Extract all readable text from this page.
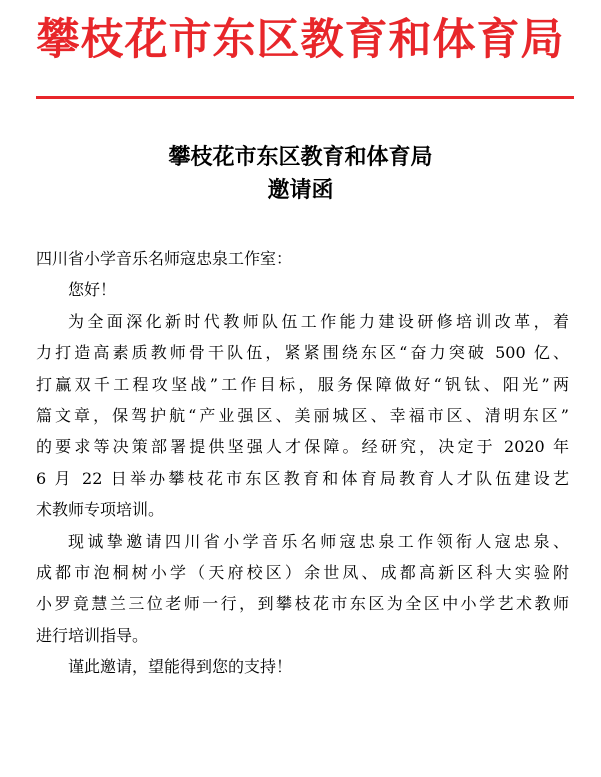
攀枝花市东区教育和体育局
攀枝花市东区教育和体育局
邀请函
四川省小学音乐名师寇忠泉工作室：
您好！
为全面深化新时代教师队伍工作能力建设研修培训改革，着
力打造高素质教师骨干队伍，紧紧围绕东区“奋力突破 500 亿、
打赢双千工程攻坚战”工作目标，服务保障做好“钒钛、阳光”两
篇文章，保驾护航“产业强区、美丽城区、幸福市区、清明东区”
的要求等决策部署提供坚强人才保障。经研究，决定于 2020 年
6 月 22 日举办攀枝花市东区教育和体育局教育人才队伍建设艺
术教师专项培训。
现诚挚邀请四川省小学音乐名师寇忠泉工作领衔人寇忠泉、
成都市泡桐树小学（天府校区）余世凤、成都高新区科大实验附
小罗竟慧兰三位老师一行，到攀枝花市东区为全区中小学艺术教师
进行培训指导。
谨此邀请，望能得到您的支持！
